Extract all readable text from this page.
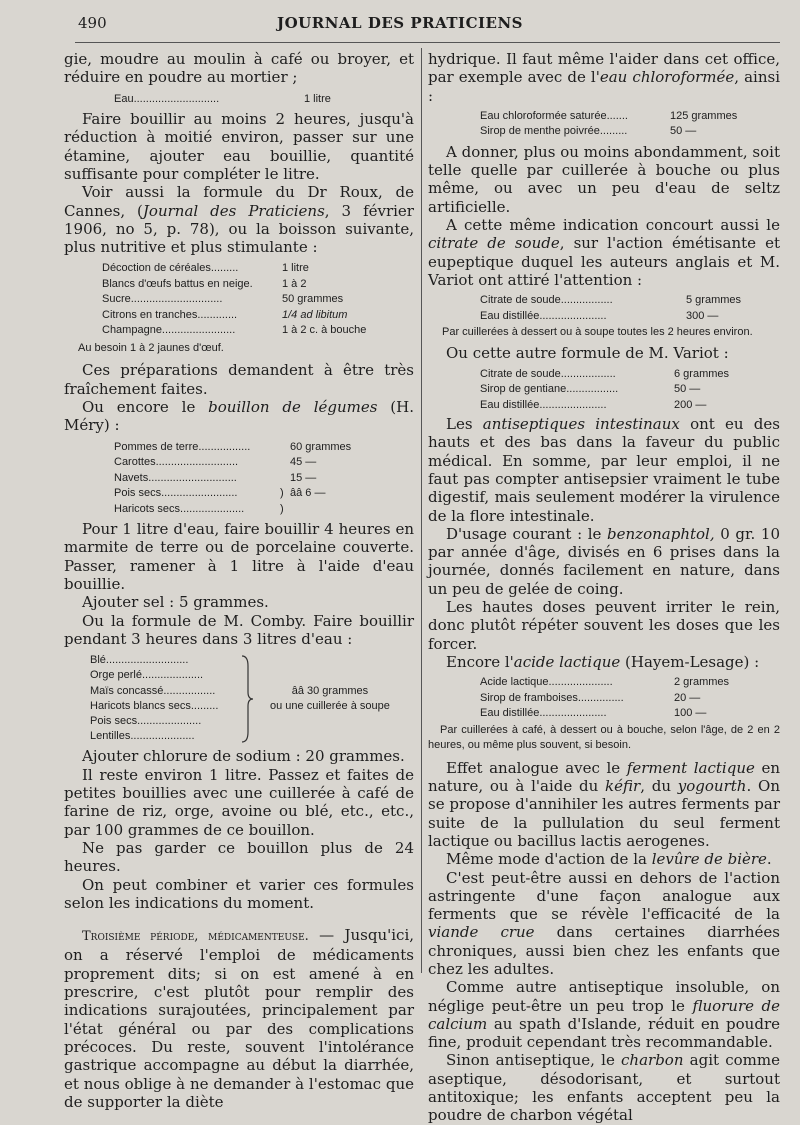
490	JOURNAL DES PRATICIENS

gie, moudre au moulin à café ou broyer, et réduire en poudre au mortier ;

Eau............................	1 litre

Faire bouillir au moins 2 heures, jusqu'à réduction à moitié environ, passer sur une étamine, ajouter eau bouillie, quantité suffisante pour compléter le litre.

Voir aussi la formule du Dr Roux, de Cannes, (Journal des Praticiens, 3 février 1906, no 5, p. 78), ou la boisson suivante, plus nutritive et plus stimulante :

Décoction de céréales.........	1 litre
Blancs d'œufs battus en neige.	1 à 2
Sucre..............................	50 grammes
Citrons en tranches.............	1/4 ad libitum
Champagne........................	1 à 2 c. à bouche
Au besoin 1 à 2 jaunes d'œuf.

Ces préparations demandent à être très fraîchement faites.

Ou encore le bouillon de légumes (H. Méry) :

Pommes de terre.................	60 grammes
Carottes...........................	45 —
Navets.............................	15 —
Pois secs.........................	) ââ 6 —
Haricots secs.....................	)

Pour 1 litre d'eau, faire bouillir 4 heures en marmite de terre ou de porcelaine couverte. Passer, ramener à 1 litre à l'aide d'eau bouillie.

Ajouter sel : 5 grammes.

Ou la formule de M. Comby. Faire bouillir pendant 3 heures dans 3 litres d'eau :

Blé...........................
Orge perlé....................
Maïs concassé.................
Haricots blancs secs.........
Pois secs.....................
Lentilles.....................
ââ 30 grammes
ou une cuillerée à soupe

Ajouter chlorure de sodium : 20 grammes.

Il reste environ 1 litre. Passez et faites de petites bouillies avec une cuillerée à café de farine de riz, orge, avoine ou blé, etc., etc., par 100 grammes de ce bouillon.

Ne pas garder ce bouillon plus de 24 heures.

On peut combiner et varier ces formules selon les indications du moment.

Troisième période, médicamenteuse. — Jusqu'ici, on a réservé l'emploi de médicaments proprement dits; si on est amené à en prescrire, c'est plutôt pour remplir des indications surajoutées, principalement par l'état général ou par des complications précoces. Du reste, souvent l'intolérance gastrique accompagne au début la diarrhée, et nous oblige à ne demander à l'estomac que de supporter la diète

hydrique. Il faut même l'aider dans cet office, par exemple avec de l'eau chloroformée, ainsi :

Eau chloroformée saturée.......	125 grammes
Sirop de menthe poivrée.........	50 —

A donner, plus ou moins abondamment, soit telle quelle par cuillerée à bouche ou plus même, ou avec un peu d'eau de seltz artificielle.

A cette même indication concourt aussi le citrate de soude, sur l'action émétisante et eupeptique duquel les auteurs anglais et M. Variot ont attiré l'attention :

Citrate de soude.................	5 grammes
Eau distillée......................	300 —
Par cuillerées à dessert ou à soupe toutes les 2 heures environ.

Ou cette autre formule de M. Variot :

Citrate de soude..................	6 grammes
Sirop de gentiane.................	50 —
Eau distillée......................	200 —

Les antiseptiques intestinaux ont eu des hauts et des bas dans la faveur du public médical. En somme, par leur emploi, il ne faut pas compter antisepsier vraiment le tube digestif, mais seulement modérer la virulence de la flore intestinale.

D'usage courant : le benzonaphtol, 0 gr. 10 par année d'âge, divisés en 6 prises dans la journée, donnés facilement en nature, dans un peu de gelée de coing.

Les hautes doses peuvent irriter le rein, donc plutôt répéter souvent les doses que les forcer.

Encore l'acide lactique (Hayem-Lesage) :

Acide lactique.....................	2 grammes
Sirop de framboises...............	20 —
Eau distillée......................	100 —
Par cuillerées à café, à dessert ou à bouche, selon l'âge, de 2 en 2 heures, ou même plus souvent, si besoin.

Effet analogue avec le ferment lactique en nature, ou à l'aide du kéfir, du yogourth. On se propose d'annihiler les autres ferments par suite de la pullulation du seul ferment lactique ou bacillus lactis aerogenes.

Même mode d'action de la levûre de bière.

C'est peut-être aussi en dehors de l'action astringente d'une façon analogue aux ferments que se révèle l'efficacité de la viande crue dans certaines diarrhées chroniques, aussi bien chez les enfants que chez les adultes.

Comme autre antiseptique insoluble, on néglige peut-être un peu trop le fluorure de calcium au spath d'Islande, réduit en poudre fine, produit cependant très recommandable.

Sinon antiseptique, le charbon agit comme aseptique, désodorisant, et surtout antitoxique; les enfants acceptent peu la poudre de charbon végétal
